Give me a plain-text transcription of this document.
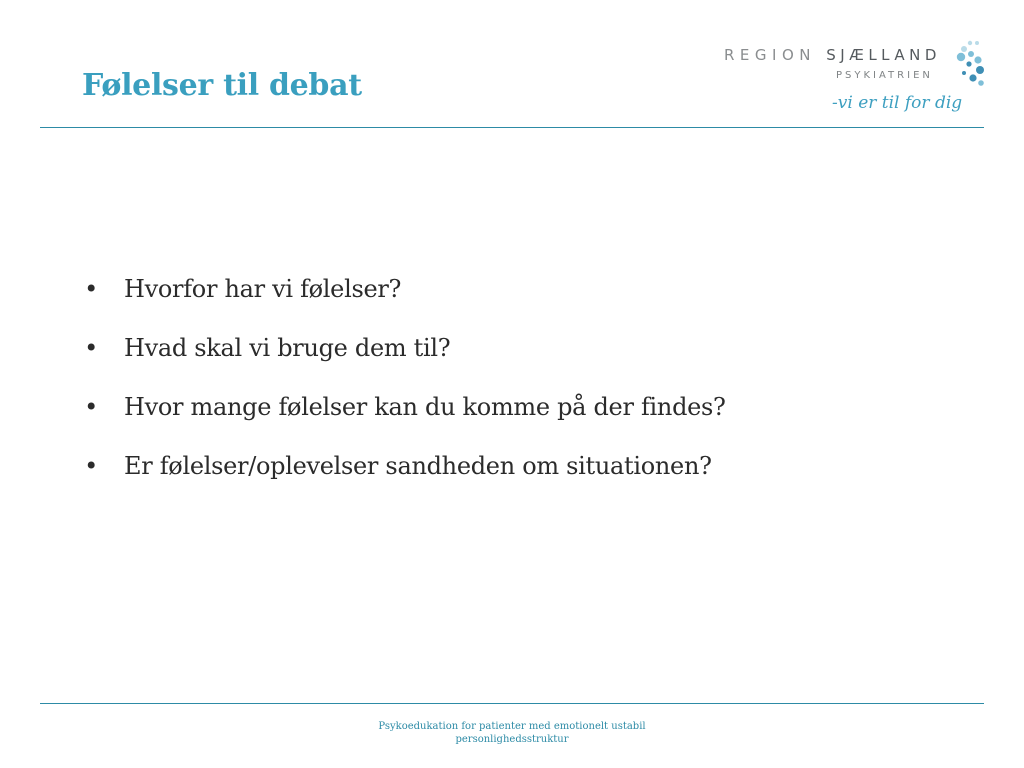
Følelser til debat
REGION SJÆLLAND
PSYKIATRIEN
-vi er til for dig
• Hvorfor har vi følelser?
• Hvad skal vi bruge dem til?
• Hvor mange følelser kan du komme på der findes?
• Er følelser/oplevelser sandheden om situationen?
Psykoedukation for patienter med emotionelt ustabil
personlighedsstruktur
